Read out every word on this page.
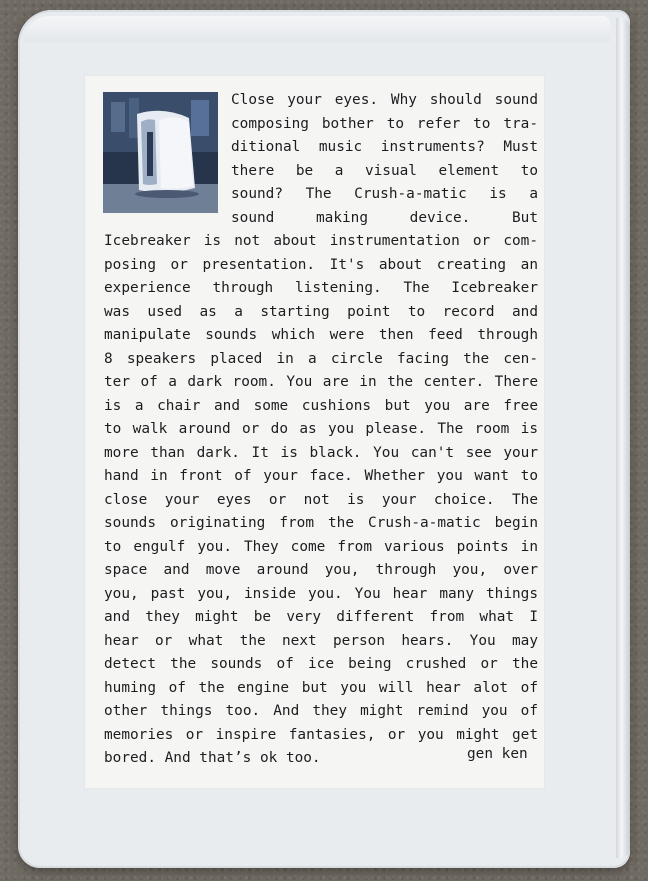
Close your eyes. Why should sound
composing bother to refer to tra-
ditional music instruments? Must
there be a visual element to
sound? The Crush-a-matic is a
sound making device. But
Icebreaker is not about instrumentation or com-
posing or presentation. It's about creating an
experience through listening. The Icebreaker
was used as a starting point to record and
manipulate sounds which were then feed through
8 speakers placed in a circle facing the cen-
ter of a dark room. You are in the center. There
is a chair and some cushions but you are free
to walk around or do as you please. The room is
more than dark. It is black. You can't see your
hand in front of your face. Whether you want to
close your eyes or not is your choice. The
sounds originating from the Crush-a-matic begin
to engulf you. They come from various points in
space and move around you, through you, over
you, past you, inside you. You hear many things
and they might be very different from what I
hear or what the next person hears. You may
detect the sounds of ice being crushed or the
huming of the engine but you will hear alot of
other things too. And they might remind you of
memories or inspire fantasies, or you might get
bored. And that’s ok too.	gen ken
